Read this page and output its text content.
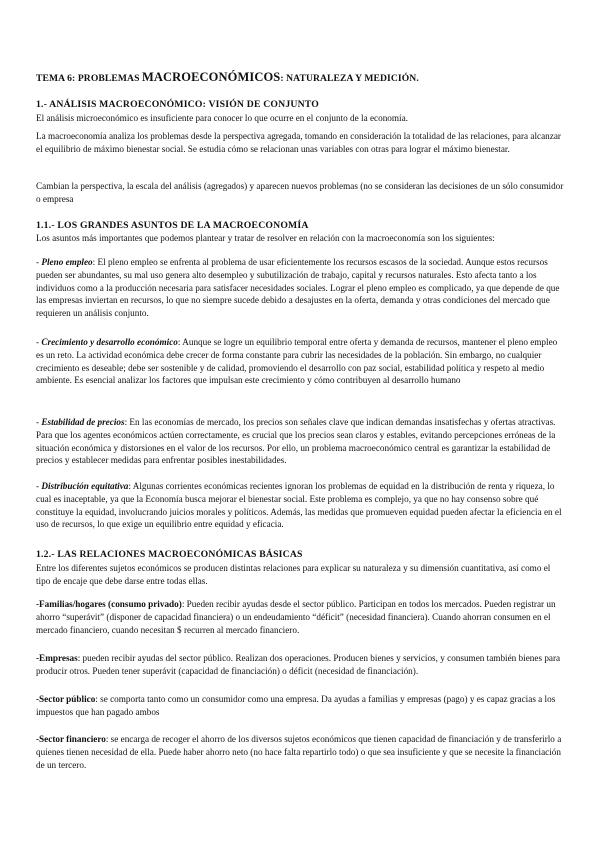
TEMA 6: PROBLEMAS MACROECONÓMICOS: NATURALEZA Y MEDICIÓN.
1.- ANÁLISIS MACROECONÓMICO: VISIÓN DE CONJUNTO

El análisis microeconómico es insuficiente para conocer lo que ocurre en el conjunto de la economía.

La macroeconomía analiza los problemas desde la perspectiva agregada, tomando en consideración la totalidad de las relaciones, para alcanzar el equilibrio de máximo bienestar social. Se estudia cómo se relacionan unas variables con otras para lograr el máximo bienestar.

Cambian la perspectiva, la escala del análisis (agregados) y aparecen nuevos problemas (no se consideran las decisiones de un sólo consumidor o empresa

1.1.- LOS GRANDES ASUNTOS DE LA MACROECONOMÍA

Los asuntos más importantes que podemos plantear y tratar de resolver en relación con la macroeconomía son los siguientes:

- Pleno empleo: El pleno empleo se enfrenta al problema de usar eficientemente los recursos escasos de la sociedad. Aunque estos recursos pueden ser abundantes, su mal uso genera alto desempleo y subutilización de trabajo, capital y recursos naturales. Esto afecta tanto a los individuos como a la producción necesaria para satisfacer necesidades sociales. Lograr el pleno empleo es complicado, ya que depende de que las empresas inviertan en recursos, lo que no siempre sucede debido a desajustes en la oferta, demanda y otras condiciones del mercado que requieren un análisis conjunto.

- Crecimiento y desarrollo económico: Aunque se logre un equilibrio temporal entre oferta y demanda de recursos, mantener el pleno empleo es un reto. La actividad económica debe crecer de forma constante para cubrir las necesidades de la población. Sin embargo, no cualquier crecimiento es deseable; debe ser sostenible y de calidad, promoviendo el desarrollo con paz social, estabilidad política y respeto al medio ambiente. Es esencial analizar los factores que impulsan este crecimiento y cómo contribuyen al desarrollo humano

- Estabilidad de precios: En las economías de mercado, los precios son señales clave que indican demandas insatisfechas y ofertas atractivas. Para que los agentes económicos actúen correctamente, es crucial que los precios sean claros y estables, evitando percepciones erróneas de la situación económica y distorsiones en el valor de los recursos. Por ello, un problema macroeconómico central es garantizar la estabilidad de precios y establecer medidas para enfrentar posibles inestabilidades.

- Distribución equitativa: Algunas corrientes económicas recientes ignoran los problemas de equidad en la distribución de renta y riqueza, lo cual es inaceptable, ya que la Economía busca mejorar el bienestar social. Este problema es complejo, ya que no hay consenso sobre qué constituye la equidad, involucrando juicios morales y políticos. Además, las medidas que promueven equidad pueden afectar la eficiencia en el uso de recursos, lo que exige un equilibrio entre equidad y eficacia.

1.2.- LAS RELACIONES MACROECONÓMICAS BÁSICAS

Entre los diferentes sujetos económicos se producen distintas relaciones para explicar su naturaleza y su dimensión cuantitativa, así como el tipo de encaje que debe darse entre todas ellas.

-Familias/hogares (consumo privado): Pueden recibir ayudas desde el sector público. Participan en todos los mercados. Pueden registrar un ahorro “superávit” (disponer de capacidad financiera) o un endeudamiento “déficit” (necesidad financiera). Cuando ahorran consumen en el mercado financiero, cuando necesitan $ recurren al mercado financiero.

-Empresas: pueden recibir ayudas del sector público. Realizan dos operaciones. Producen bienes y servicios, y consumen también bienes para producir otros. Pueden tener superávit (capacidad de financiación) o déficit (necesidad de financiación).

-Sector público: se comporta tanto como un consumidor como una empresa. Da ayudas a familias y empresas (pago) y es capaz gracias a los impuestos que han pagado ambos

-Sector financiero: se encarga de recoger el ahorro de los diversos sujetos económicos que tienen capacidad de financiación y de transferirlo a quienes tienen necesidad de ella. Puede haber ahorro neto (no hace falta repartirlo todo) o que sea insuficiente y que se necesite la financiación de un tercero.
